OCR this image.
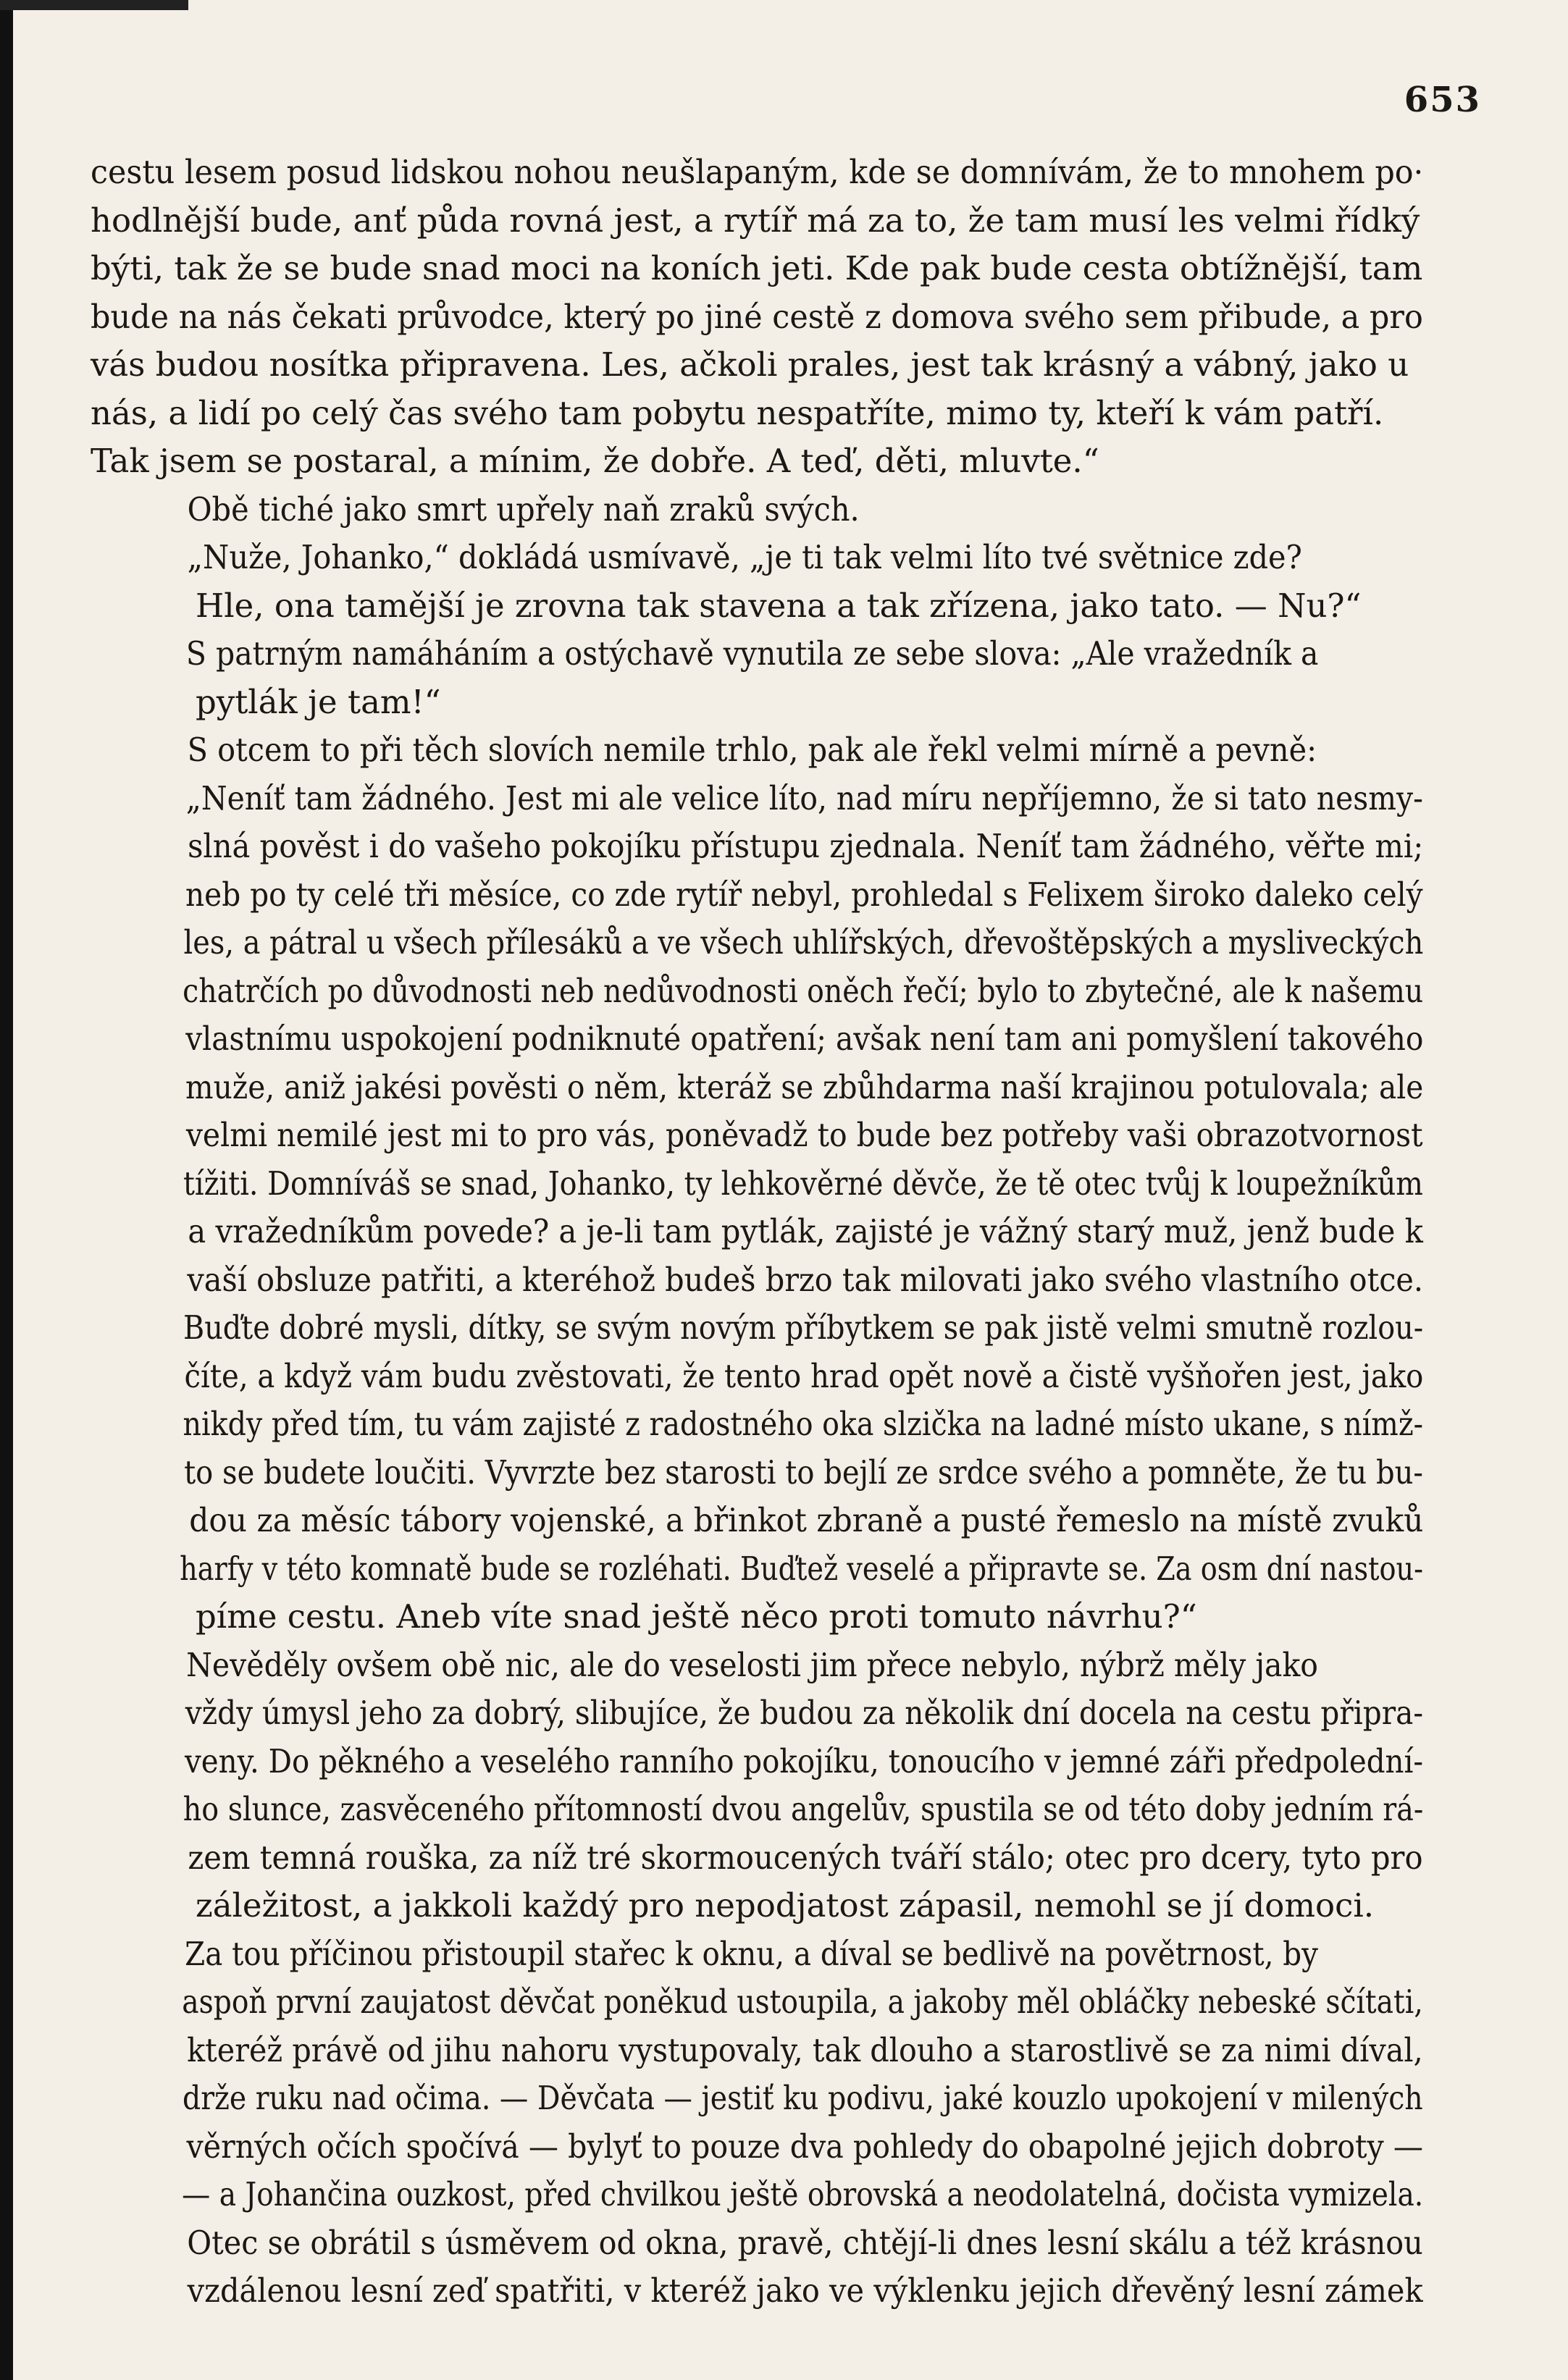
653
cestu lesem posud lidskou nohou neušlapaným, kde se domnívám, že to mnohem po·
hodlnější bude, anť půda rovná jest, a rytíř má za to, že tam musí les velmi řídký
býti, tak že se bude snad moci na koních jeti. Kde pak bude cesta obtížnější, tam
bude na nás čekati průvodce, který po jiné cestě z domova svého sem přibude, a pro
vás budou nosítka připravena. Les, ačkoli prales, jest tak krásný a vábný, jako u
nás, a lidí po celý čas svého tam pobytu nespatříte, mimo ty, kteří k vám patří.
Tak jsem se postaral, a mínim, že dobře. A teď, děti, mluvte.“
Obě tiché jako smrt upřely naň zraků svých.
„Nuže, Johanko,“ dokládá usmívavě, „je ti tak velmi líto tvé světnice zde?
Hle, ona tamější je zrovna tak stavena a tak zřízena, jako tato. — Nu?“
S patrným namáháním a ostýchavě vynutila ze sebe slova: „Ale vražedník a
pytlák je tam!“
S otcem to při těch slovích nemile trhlo, pak ale řekl velmi mírně a pevně:
„Neníť tam žádného. Jest mi ale velice líto, nad míru nepříjemno, že si tato nesmy-
slná pověst i do vašeho pokojíku přístupu zjednala. Neníť tam žádného, věřte mi;
neb po ty celé tři měsíce, co zde rytíř nebyl, prohledal s Felixem široko daleko celý
les, a pátral u všech přílesáků a ve všech uhlířských, dřevoštěpských a mysliveckých
chatrčích po důvodnosti neb nedůvodnosti oněch řečí; bylo to zbytečné, ale k našemu
vlastnímu uspokojení podniknuté opatření; avšak není tam ani pomyšlení takového
muže, aniž jakési pověsti o něm, kteráž se zbůhdarma naší krajinou potulovala; ale
velmi nemilé jest mi to pro vás, poněvadž to bude bez potřeby vaši obrazotvornost
tížiti. Domníváš se snad, Johanko, ty lehkověrné děvče, že tě otec tvůj k loupežníkům
a vražedníkům povede? a je-li tam pytlák, zajisté je vážný starý muž, jenž bude k
vaší obsluze patřiti, a kteréhož budeš brzo tak milovati jako svého vlastního otce.
Buďte dobré mysli, dítky, se svým novým příbytkem se pak jistě velmi smutně rozlou-
číte, a když vám budu zvěstovati, že tento hrad opět nově a čistě vyšňořen jest, jako
nikdy před tím, tu vám zajisté z radostného oka slzička na ladné místo ukane, s nímž-
to se budete loučiti. Vyvrzte bez starosti to bejlí ze srdce svého a pomněte, že tu bu-
dou za měsíc tábory vojenské, a břinkot zbraně a pusté řemeslo na místě zvuků
harfy v této komnatě bude se rozléhati. Buďtež veselé a připravte se. Za osm dní nastou-
píme cestu. Aneb víte snad ještě něco proti tomuto návrhu?“
Nevěděly ovšem obě nic, ale do veselosti jim přece nebylo, nýbrž měly jako
vždy úmysl jeho za dobrý, slibujíce, že budou za několik dní docela na cestu připra-
veny. Do pěkného a veselého ranního pokojíku, tonoucího v jemné záři předpolední-
ho slunce, zasvěceného přítomností dvou angelův, spustila se od této doby jedním rá-
zem temná rouška, za níž tré skormoucených tváří stálo; otec pro dcery, tyto pro
záležitost, a jakkoli každý pro nepodjatost zápasil, nemohl se jí domoci.
Za tou příčinou přistoupil stařec k oknu, a díval se bedlivě na povětrnost, by
aspoň první zaujatost děvčat poněkud ustoupila, a jakoby měl obláčky nebeské sčítati,
kteréž právě od jihu nahoru vystupovaly, tak dlouho a starostlivě se za nimi díval,
drže ruku nad očima. — Děvčata — jestiť ku podivu, jaké kouzlo upokojení v milených
věrných očích spočívá — bylyť to pouze dva pohledy do obapolné jejich dobroty —
— a Johančina ouzkost, před chvilkou ještě obrovská a neodolatelná, dočista vymizela.
Otec se obrátil s úsměvem od okna, pravě, chtějí-li dnes lesní skálu a též krásnou
vzdálenou lesní zeď spatřiti, v kteréž jako ve výklenku jejich dřevěný lesní zámek
